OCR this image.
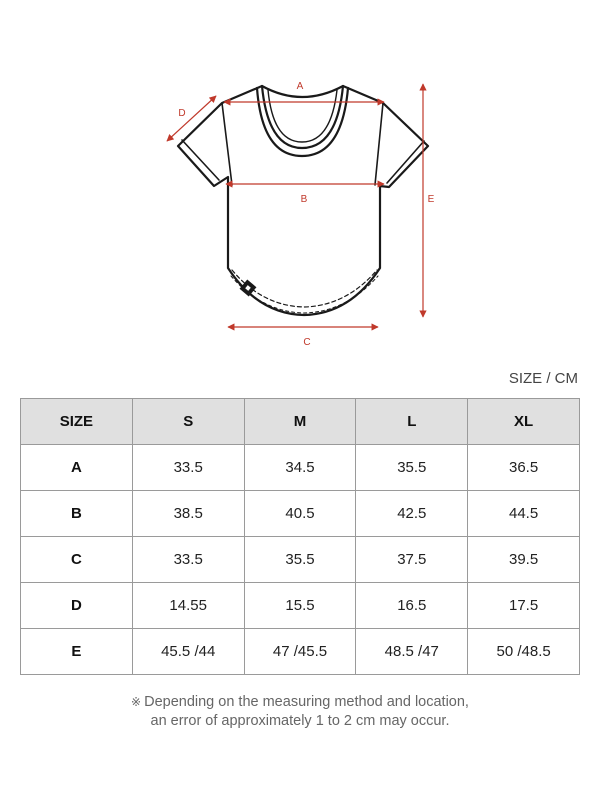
A
B
C
D
E
SIZE / CM
SIZE	S	M	L	XL
A	33.5	34.5	35.5	36.5
B	38.5	40.5	42.5	44.5
C	33.5	35.5	37.5	39.5
D	14.55	15.5	16.5	17.5
E	45.5 /44	47 /45.5	48.5 /47	50 /48.5
※ Depending on the measuring method and location,
an error of approximately 1 to 2 cm may occur.
